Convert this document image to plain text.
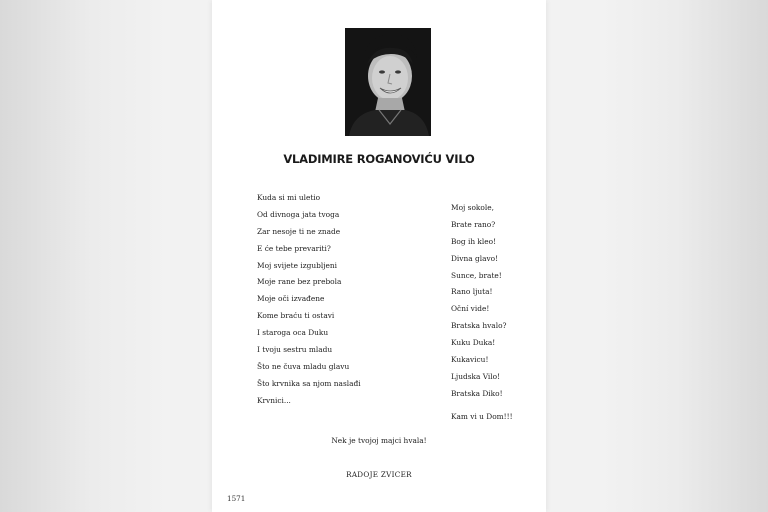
VLADIMIRE ROGANOVIĆU VILO
Kuda si mi uletio
Od divnoga jata tvoga
Zar nesoje ti ne znade
E će tebe prevariti?
Moj svijete izgubljeni
Moje rane bez prebola
Moje oči izvađene
Kome braću ti ostavi
I staroga oca Duku
I tvoju sestru mladu
Što ne čuva mladu glavu
Što krvnika sa njom naslađi
Krvnici...
Moj sokole,
Brate rano?
Bog ih kleo!
Divna glavo!
Sunce, brate!
Rano ljuta!
Oční vide!
Bratska hvalo?
Kuku Duka!
Kukavicu!
Ljudska Vilo!
Bratska Diko!
Kam vi u Dom!!!
Nek je tvojoj majci hvala!
RADOJE ZVICER
1571
